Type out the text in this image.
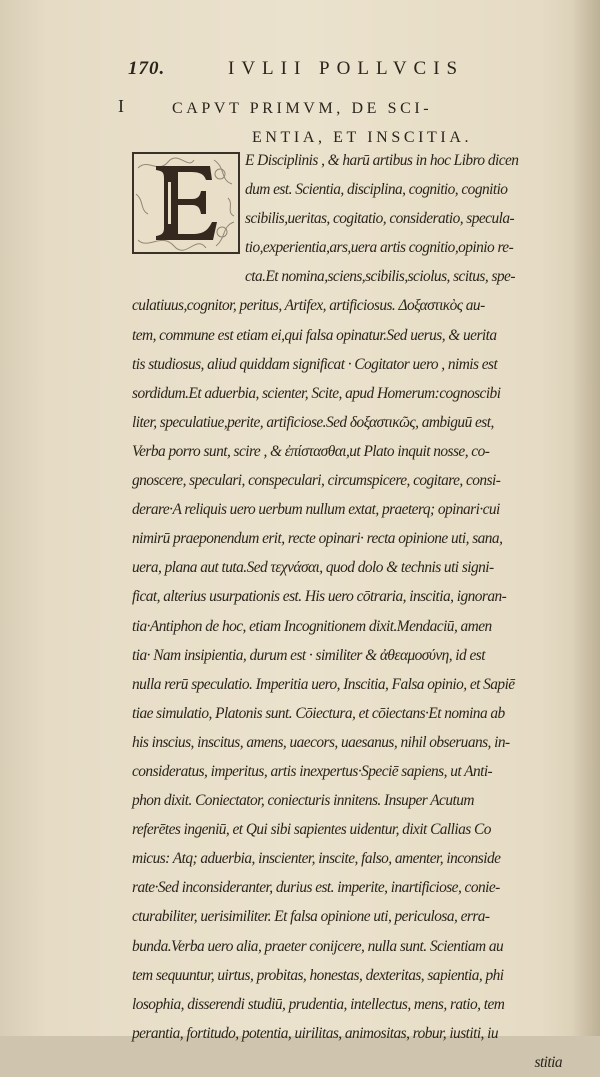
170.	IVLII POLLVCIS
I	CAPVT PRIMVM, DE SCI-
ENTIA, ET INSCITIA.
E Disciplinis , & harū artibus in hoc Libro dicen
dum est. Scientia, disciplina, cognitio, cognitio
scibilis,ueritas, cogitatio, consideratio, specula-
tio,experientia,ars,uera artis cognitio,opinio re-
cta.Et nomina,sciens,scibilis,sciolus, scitus, spe-
culatiuus,cognitor, peritus, Artifex, artificiosus. Δοξαστικὸς au-
tem, commune est etiam ei,qui falsa opinatur.Sed uerus, & uerita
tis studiosus, aliud quiddam significat · Cogitator uero , nimis est
sordidum.Et aduerbia, scienter, Scite, apud Homerum:cognoscibi
liter, speculatiue,perite, artificiose.Sed δοξαστικῶς, ambiguū est,
Verba porro sunt, scire , & ἐπίστασθαι,ut Plato inquit nosse, co-
gnoscere, speculari, conspeculari, circumspicere, cogitare, consi-
derare·A reliquis uero uerbum nullum extat, praeterq; opinari·cui
nimirū praeponendum erit, recte opinari· recta opinione uti, sana,
uera, plana aut tuta.Sed τεχνάσαι, quod dolo & technis uti signi-
ficat, alterius usurpationis est. His uero cōtraria, inscitia, ignoran-
tia·Antiphon de hoc, etiam Incognitionem dixit.Mendaciū, amen
tia· Nam insipientia, durum est · similiter & ἀθεαμοσύνη, id est
nulla rerū speculatio. Imperitia uero, Inscitia, Falsa opinio, et Sapiē
tiae simulatio, Platonis sunt. Cōiectura, et cōiectans·Et nomina ab
his inscius, inscitus, amens, uaecors, uaesanus, nihil obseruans, in-
consideratus, imperitus, artis inexpertus·Speciē sapiens, ut Anti-
phon dixit. Coniectator, coniecturis innitens. Insuper Acutum
referētes ingeniū, et Qui sibi sapientes uidentur, dixit Callias Co
micus: Atq; aduerbia, inscienter, inscite, falso, amenter, inconside
rate·Sed inconsideranter, durius est. imperite, inartificiose, conie-
cturabiliter, uerisimiliter. Et falsa opinione uti, periculosa, erra-
bunda.Verba uero alia, praeter conijcere, nulla sunt. Scientiam au
tem sequuntur, uirtus, probitas, honestas, dexteritas, sapientia, phi
losophia, disserendi studiū, prudentia, intellectus, mens, ratio, tem
perantia, fortitudo, potentia, uirilitas, animositas, robur, iustiti, iu
stitia
